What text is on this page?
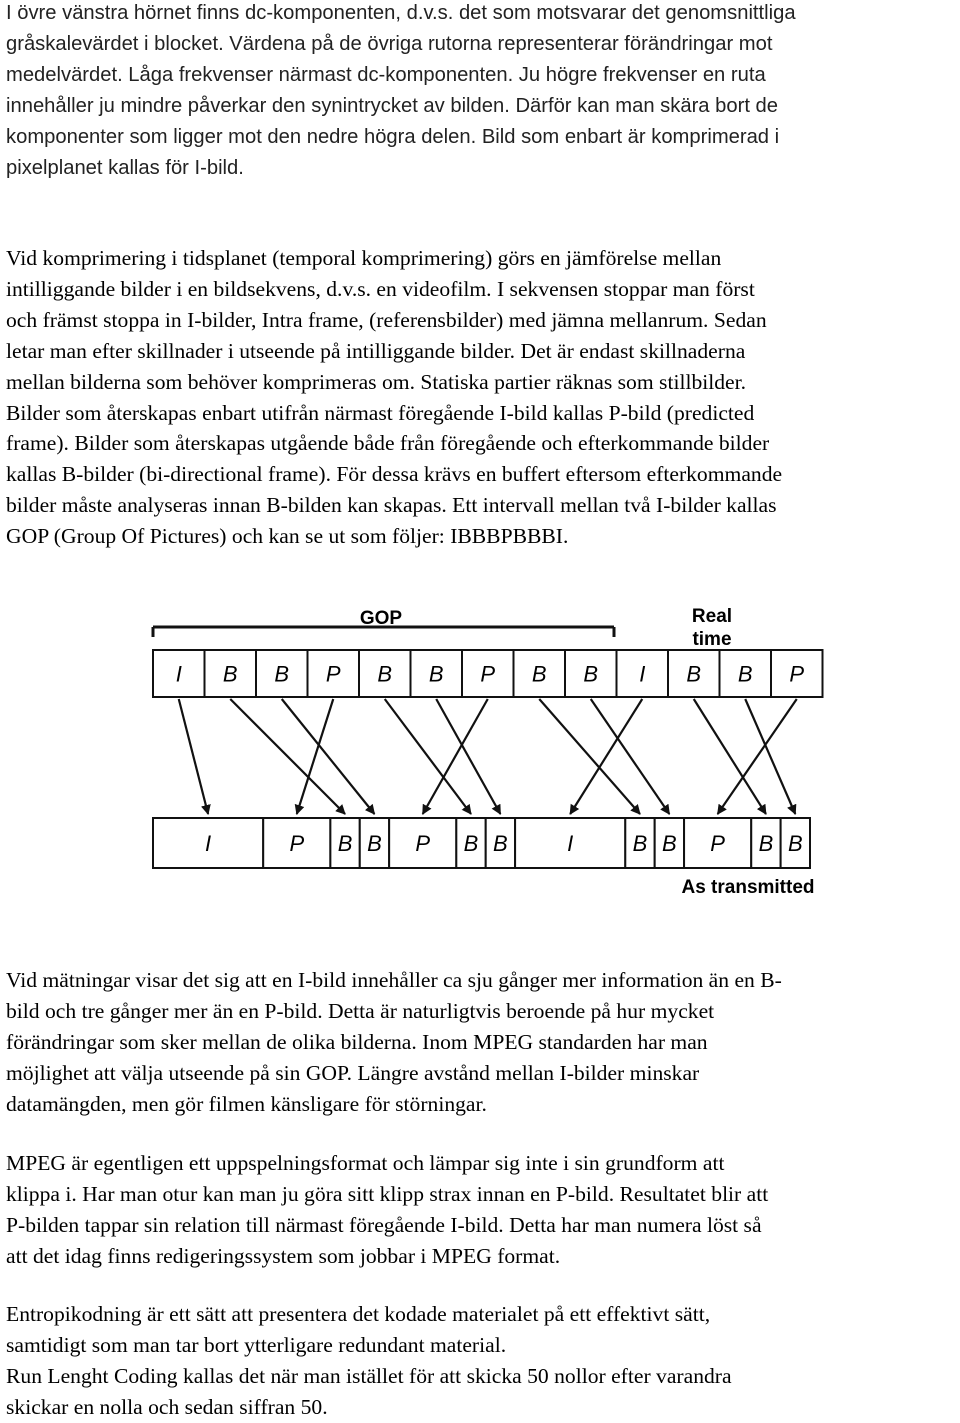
I övre vänstra hörnet finns dc-komponenten, d.v.s. det som motsvarar det genomsnittliga
gråskalevärdet i blocket. Värdena på de övriga rutorna representerar förändringar mot
medelvärdet. Låga frekvenser närmast dc-komponenten. Ju högre frekvenser en ruta
innehåller ju mindre påverkar den synintrycket av bilden. Därför kan man skära bort de
komponenter som ligger mot den nedre högra delen. Bild som enbart är komprimerad i
pixelplanet kallas för I-bild.

Vid komprimering i tidsplanet (temporal komprimering) görs en jämförelse mellan
intilliggande bilder i en bildsekvens, d.v.s. en videofilm. I sekvensen stoppar man först
och främst stoppa in I-bilder, Intra frame, (referensbilder) med jämna mellanrum. Sedan
letar man efter skillnader i utseende på intilliggande bilder. Det är endast skillnaderna
mellan bilderna som behöver komprimeras om. Statiska partier räknas som stillbilder.
Bilder som återskapas enbart utifrån närmast föregående I-bild kallas P-bild (predicted
frame). Bilder som återskapas utgående både från föregående och efterkommande bilder
kallas B-bilder (bi-directional frame). För dessa krävs en buffert eftersom efterkommande
bilder måste analyseras innan B-bilden kan skapas. Ett intervall mellan två I-bilder kallas
GOP (Group Of Pictures) och kan se ut som följer: IBBBPBBBI.

GOP	Real time
I B B P B B P B B I B B P
I	P B B P B B	I	B B P B B
As transmitted

Vid mätningar visar det sig att en I-bild innehåller ca sju gånger mer information än en B-
bild och tre gånger mer än en P-bild. Detta är naturligtvis beroende på hur mycket
förändringar som sker mellan de olika bilderna. Inom MPEG standarden har man
möjlighet att välja utseende på sin GOP. Längre avstånd mellan I-bilder minskar
datamängden, men gör filmen känsligare för störningar.

MPEG är egentligen ett uppspelningsformat och lämpar sig inte i sin grundform att
klippa i. Har man otur kan man ju göra sitt klipp strax innan en P-bild. Resultatet blir att
P-bilden tappar sin relation till närmast föregående I-bild. Detta har man numera löst så
att det idag finns redigeringssystem som jobbar i MPEG format.

Entropikodning är ett sätt att presentera det kodade materialet på ett effektivt sätt,
samtidigt som man tar bort ytterligare redundant material.
Run Lenght Coding kallas det när man istället för att skicka 50 nollor efter varandra
skickar en nolla och sedan siffran 50.
